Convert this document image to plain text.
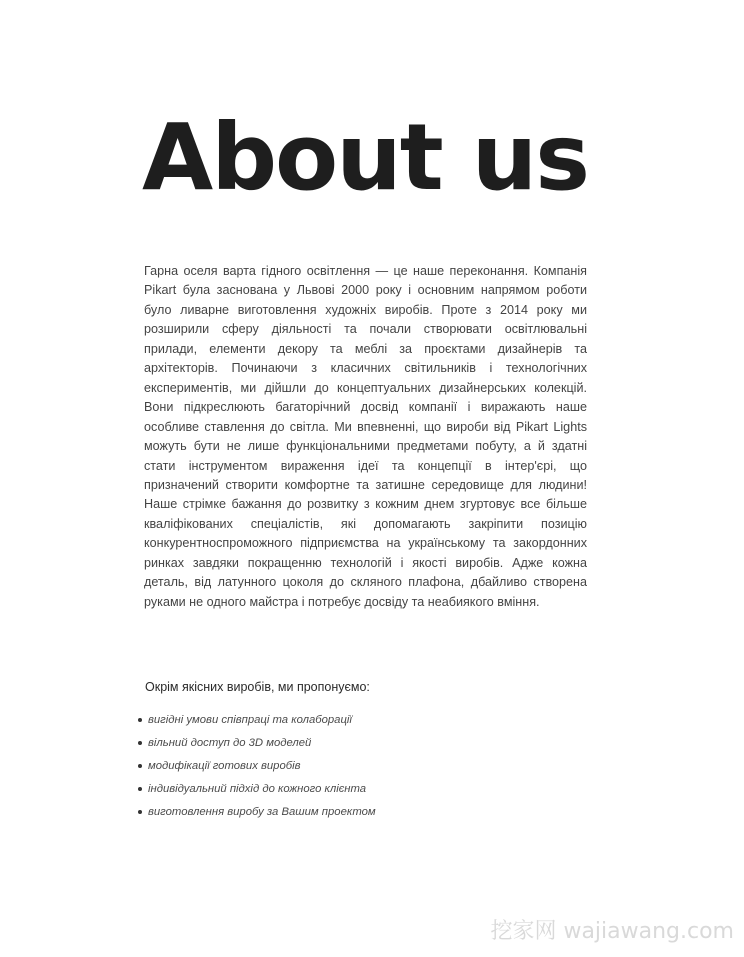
About us

Гарна оселя варта гідного освітлення — це наше переконання. Компанія Pikart була заснована у Львові 2000 року і основним напрямом роботи було ливарне виготовлення художніх виробів. Проте з 2014 року ми розширили сферу діяльності та почали створювати освітлювальні прилади, елементи декору та меблі за проєктами дизайнерів та архітекторів. Починаючи з класичних світильників і технологічних експериментів, ми дійшли до концептуальних дизайнерських колекцій. Вони підкреслюють багаторічний досвід компанії і виражають наше особливе ставлення до світла. Ми впевненні, що вироби від Pikart Lights можуть бути не лише функціональними предметами побуту, а й здатні стати інструментом вираження ідеї та концепції в інтер'єрі, що призначений створити комфортне та затишне середовище для людини! Наше стрімке бажання до розвитку з кожним днем згуртовує все більше кваліфікованих спеціалістів, які допомагають закріпити позицію конкурентноспроможного підприємства на українському та закордонних ринках завдяки покращенню технологій і якості виробів. Адже кожна деталь, від латунного цоколя до скляного плафона, дбайливо створена руками не одного майстра і потребує досвіду та неабиякого вміння.

Окрім якісних виробів, ми пропонуємо:

вигідні умови співпраці та колаборації
вільний доступ до 3D моделей
модифікації готових виробів
індивідуальний підхід до кожного клієнта
виготовлення виробу за Вашим проектом
挖家网 wajiawang.com
